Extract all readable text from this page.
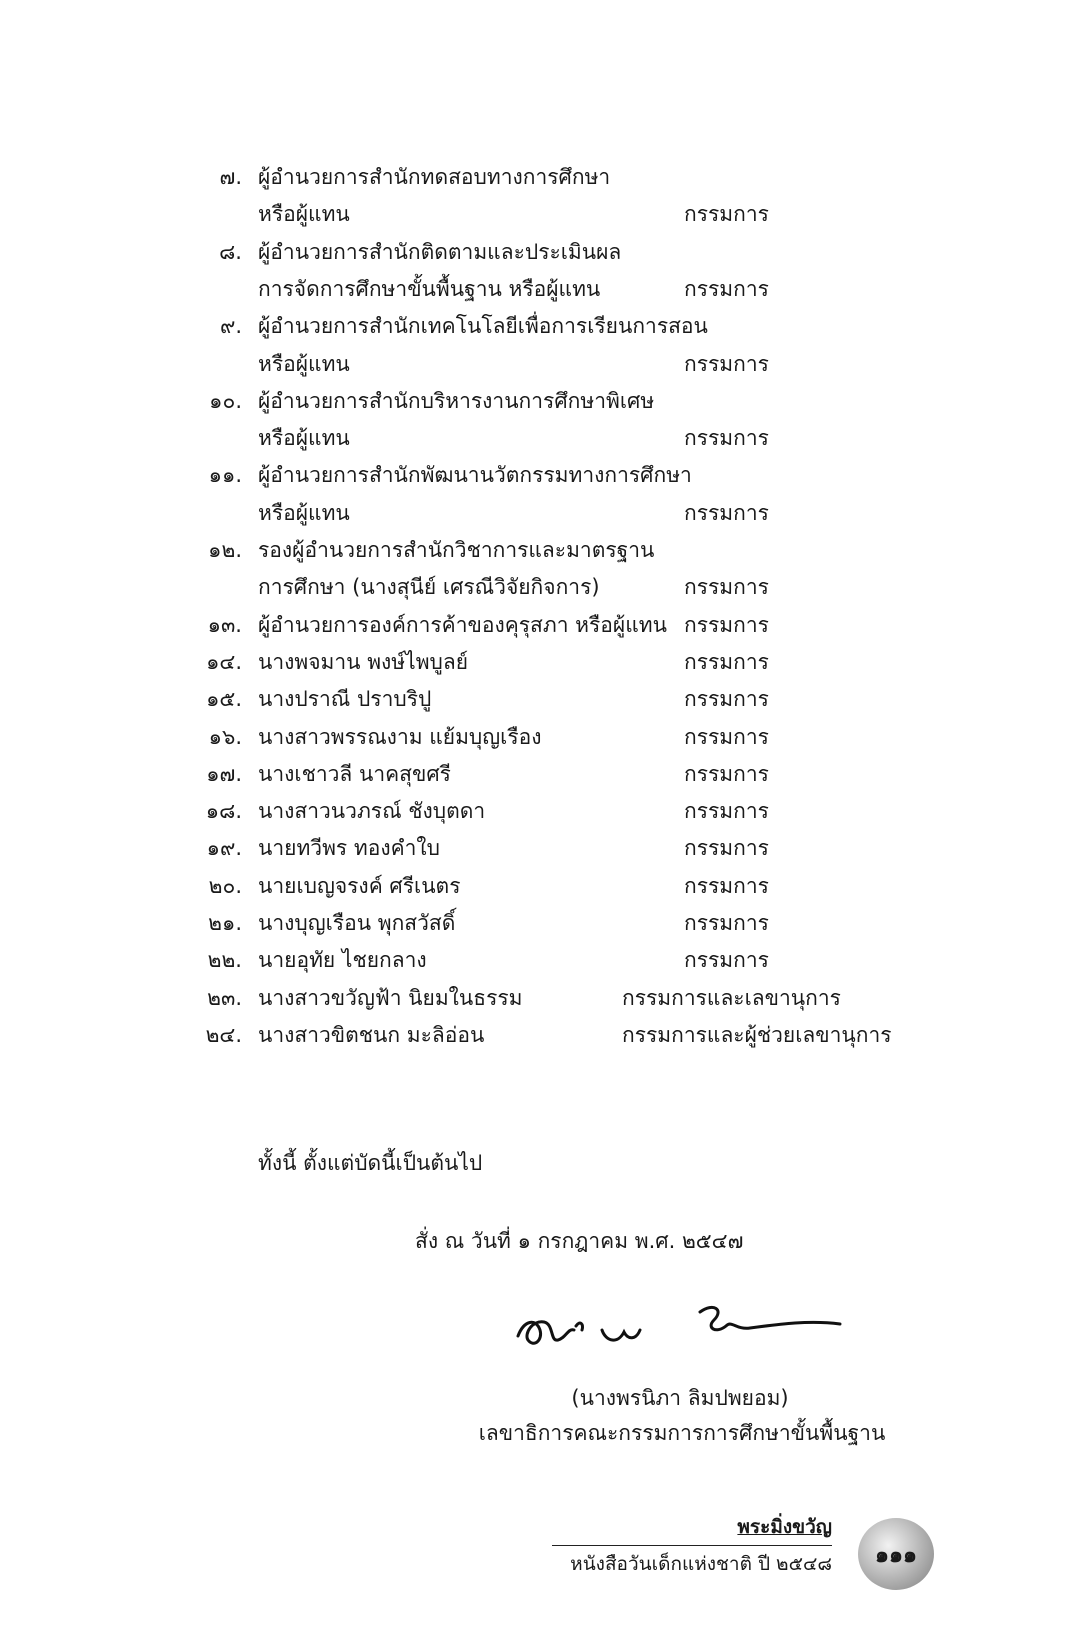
๗. ผู้อำนวยการสำนักทดสอบทางการศึกษา
หรือผู้แทน	กรรมการ
๘. ผู้อำนวยการสำนักติดตามและประเมินผล
การจัดการศึกษาขั้นพื้นฐาน หรือผู้แทน	กรรมการ
๙. ผู้อำนวยการสำนักเทคโนโลยีเพื่อการเรียนการสอน
หรือผู้แทน	กรรมการ
๑๐. ผู้อำนวยการสำนักบริหารงานการศึกษาพิเศษ
หรือผู้แทน	กรรมการ
๑๑. ผู้อำนวยการสำนักพัฒนานวัตกรรมทางการศึกษา
หรือผู้แทน	กรรมการ
๑๒. รองผู้อำนวยการสำนักวิชาการและมาตรฐาน
การศึกษา (นางสุนีย์ เศรณีวิจัยกิจการ)	กรรมการ
๑๓. ผู้อำนวยการองค์การค้าของคุรุสภา หรือผู้แทน กรรมการ
๑๔. นางพจมาน พงษ์ไพบูลย์	กรรมการ
๑๕. นางปราณี ปราบริปู	กรรมการ
๑๖. นางสาวพรรณงาม แย้มบุญเรือง	กรรมการ
๑๗. นางเชาวลี นาคสุขศรี	กรรมการ
๑๘. นางสาวนวภรณ์ ชังบุตดา	กรรมการ
๑๙. นายทวีพร ทองคำใบ	กรรมการ
๒๐. นายเบญจรงค์ ศรีเนตร	กรรมการ
๒๑. นางบุญเรือน พุกสวัสดิ์	กรรมการ
๒๒. นายอุทัย ไชยกลาง	กรรมการ
๒๓. นางสาวขวัญฟ้า นิยมในธรรม	กรรมการและเลขานุการ
๒๔. นางสาวขิตชนก มะลิอ่อน	กรรมการและผู้ช่วยเลขานุการ
ทั้งนี้ ตั้งแต่บัดนี้เป็นต้นไป
สั่ง ณ วันที่ ๑ กรกฎาคม พ.ศ. ๒๕๔๗
(นางพรนิภา ลิมปพยอม)
เลขาธิการคณะกรรมการการศึกษาขั้นพื้นฐาน
พระมิ่งขวัญ
หนังสือวันเด็กแห่งชาติ ปี ๒๕๔๘ ๑๑๑
